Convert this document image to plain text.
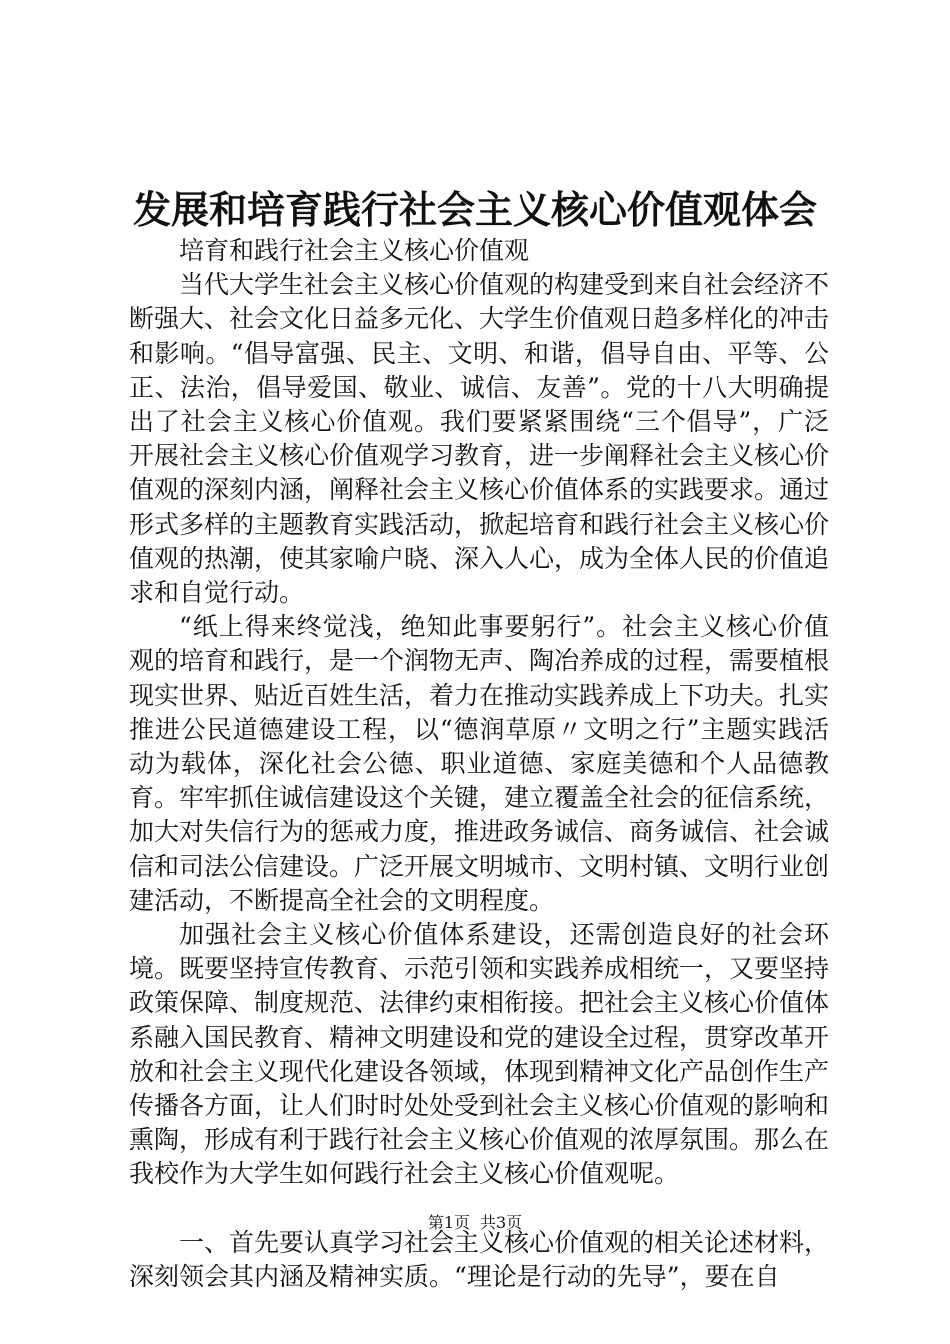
发展和培育践行社会主义核心价值观体会

培育和践行社会主义核心价值观

当代大学生社会主义核心价值观的构建受到来自社会经济不断强大、社会文化日益多元化、大学生价值观日趋多样化的冲击和影响。“倡导富强、民主、文明、和谐，倡导自由、平等、公正、法治，倡导爱国、敬业、诚信、友善”。党的十八大明确提出了社会主义核心价值观。我们要紧紧围绕“三个倡导”，广泛开展社会主义核心价值观学习教育，进一步阐释社会主义核心价值观的深刻内涵，阐释社会主义核心价值体系的实践要求。通过形式多样的主题教育实践活动，掀起培育和践行社会主义核心价值观的热潮，使其家喻户晓、深入人心，成为全体人民的价值追求和自觉行动。

“纸上得来终觉浅，绝知此事要躬行”。社会主义核心价值观的培育和践行，是一个润物无声、陶冶养成的过程，需要植根现实世界、贴近百姓生活，着力在推动实践养成上下功夫。扎实推进公民道德建设工程，以“德润草原〃文明之行”主题实践活动为载体，深化社会公德、职业道德、家庭美德和个人品德教育。牢牢抓住诚信建设这个关键，建立覆盖全社会的征信系统，加大对失信行为的惩戒力度，推进政务诚信、商务诚信、社会诚信和司法公信建设。广泛开展文明城市、文明村镇、文明行业创建活动，不断提高全社会的文明程度。

加强社会主义核心价值体系建设，还需创造良好的社会环境。既要坚持宣传教育、示范引领和实践养成相统一，又要坚持政策保障、制度规范、法律约束相衔接。把社会主义核心价值体系融入国民教育、精神文明建设和党的建设全过程，贯穿改革开放和社会主义现代化建设各领域，体现到精神文化产品创作生产传播各方面，让人们时时处处受到社会主义核心价值观的影响和熏陶，形成有利于践行社会主义核心价值观的浓厚氛围。那么在我校作为大学生如何践行社会主义核心价值观呢。

一、首先要认真学习社会主义核心价值观的相关论述材料，深刻领会其内涵及精神实质。“理论是行动的先导”，要在自

第1页 共3页
